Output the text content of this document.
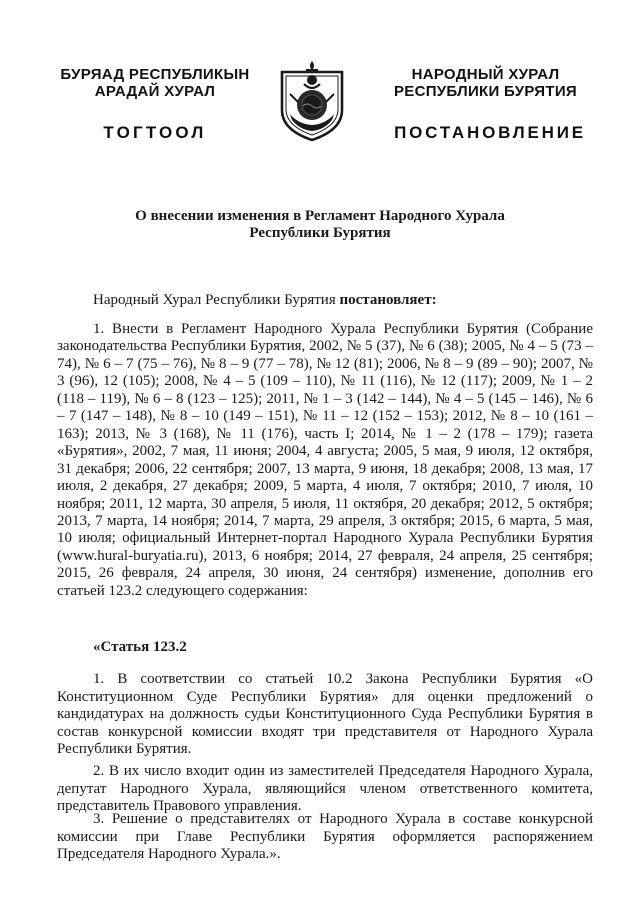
БУРЯАД РЕСПУБЛИКЫН
АРАДАЙ ХУРАЛ
ТОГТООЛ
НАРОДНЫЙ ХУРАЛ
РЕСПУБЛИКИ БУРЯТИЯ
ПОСТАНОВЛЕНИЕ
О внесении изменения в Регламент Народного Хурала
Республики Бурятия
Народный Хурал Республики Бурятия постановляет:
1. Внести в Регламент Народного Хурала Республики Бурятия (Собрание законодательства Республики Бурятия, 2002, № 5 (37), № 6 (38); 2005, № 4 – 5 (73 – 74), № 6 – 7 (75 – 76), № 8 – 9 (77 – 78), № 12 (81); 2006, № 8 – 9 (89 – 90); 2007, № 3 (96), 12 (105); 2008, № 4 – 5 (109 – 110), № 11 (116), № 12 (117); 2009, № 1 – 2 (118 – 119), № 6 – 8 (123 – 125); 2011, № 1 – 3 (142 – 144), № 4 – 5 (145 – 146), № 6 – 7 (147 – 148), № 8 – 10 (149 – 151), № 11 – 12 (152 – 153); 2012, № 8 – 10 (161 – 163); 2013, № 3 (168), № 11 (176), часть I; 2014, № 1 – 2 (178 – 179); газета «Бурятия», 2002, 7 мая, 11 июня; 2004, 4 августа; 2005, 5 мая, 9 июля, 12 октября, 31 декабря; 2006, 22 сентября; 2007, 13 марта, 9 июня, 18 декабря; 2008, 13 мая, 17 июля, 2 декабря, 27 декабря; 2009, 5 марта, 4 июля, 7 октября; 2010, 7 июля, 10 ноября; 2011, 12 марта, 30 апреля, 5 июля, 11 октября, 20 декабря; 2012, 5 октября; 2013, 7 марта, 14 ноября; 2014, 7 марта, 29 апреля, 3 октября; 2015, 6 марта, 5 мая, 10 июля; официальный Интернет-портал Народного Хурала Республики Бурятия (www.hural-buryatia.ru), 2013, 6 ноября; 2014, 27 февраля, 24 апреля, 25 сентября; 2015, 26 февраля, 24 апреля, 30 июня, 24 сентября) изменение, дополнив его статьей 123.2 следующего содержания:
«Статья 123.2
1. В соответствии со статьей 10.2 Закона Республики Бурятия «О Конституционном Суде Республики Бурятия» для оценки предложений о кандидатурах на должность судьи Конституционного Суда Республики Бурятия в состав конкурсной комиссии входят три представителя от Народного Хурала Республики Бурятия.
2. В их число входит один из заместителей Председателя Народного Хурала, депутат Народного Хурала, являющийся членом ответственного комитета, представитель Правового управления.
3. Решение о представителях от Народного Хурала в составе конкурсной комиссии при Главе Республики Бурятия оформляется распоряжением Председателя Народного Хурала.».
